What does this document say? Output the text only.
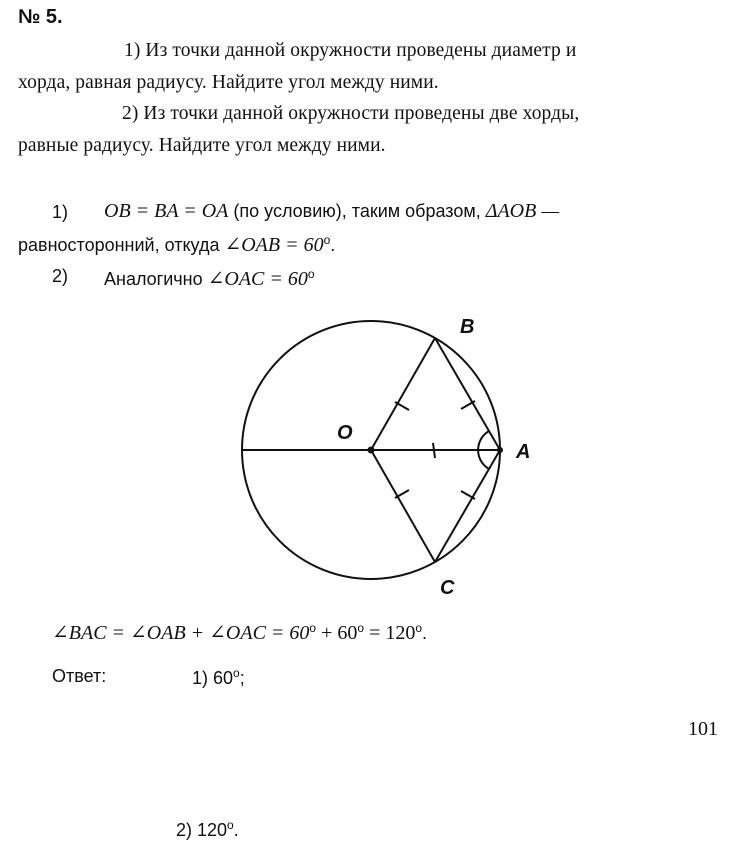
№ 5.
1) Из точки данной окружности проведены диаметр и
хорда, равная радиусу. Найдите угол между ними.
2) Из точки данной окружности проведены две хорды,
равные радиусу. Найдите угол между ними.
1) OB = BA = OA (по условию), таким образом, ΔAOB —
равносторонний, откуда ∠OAB = $60^o$.
2) Аналогично ∠OAC = $60^o$
O
A
B
C
∠BAC = ∠OAB + ∠OAC = $60^o + 60^o = 120^o$.
Ответ:	1) 60$^o$;
101
2) 120$^o$.
